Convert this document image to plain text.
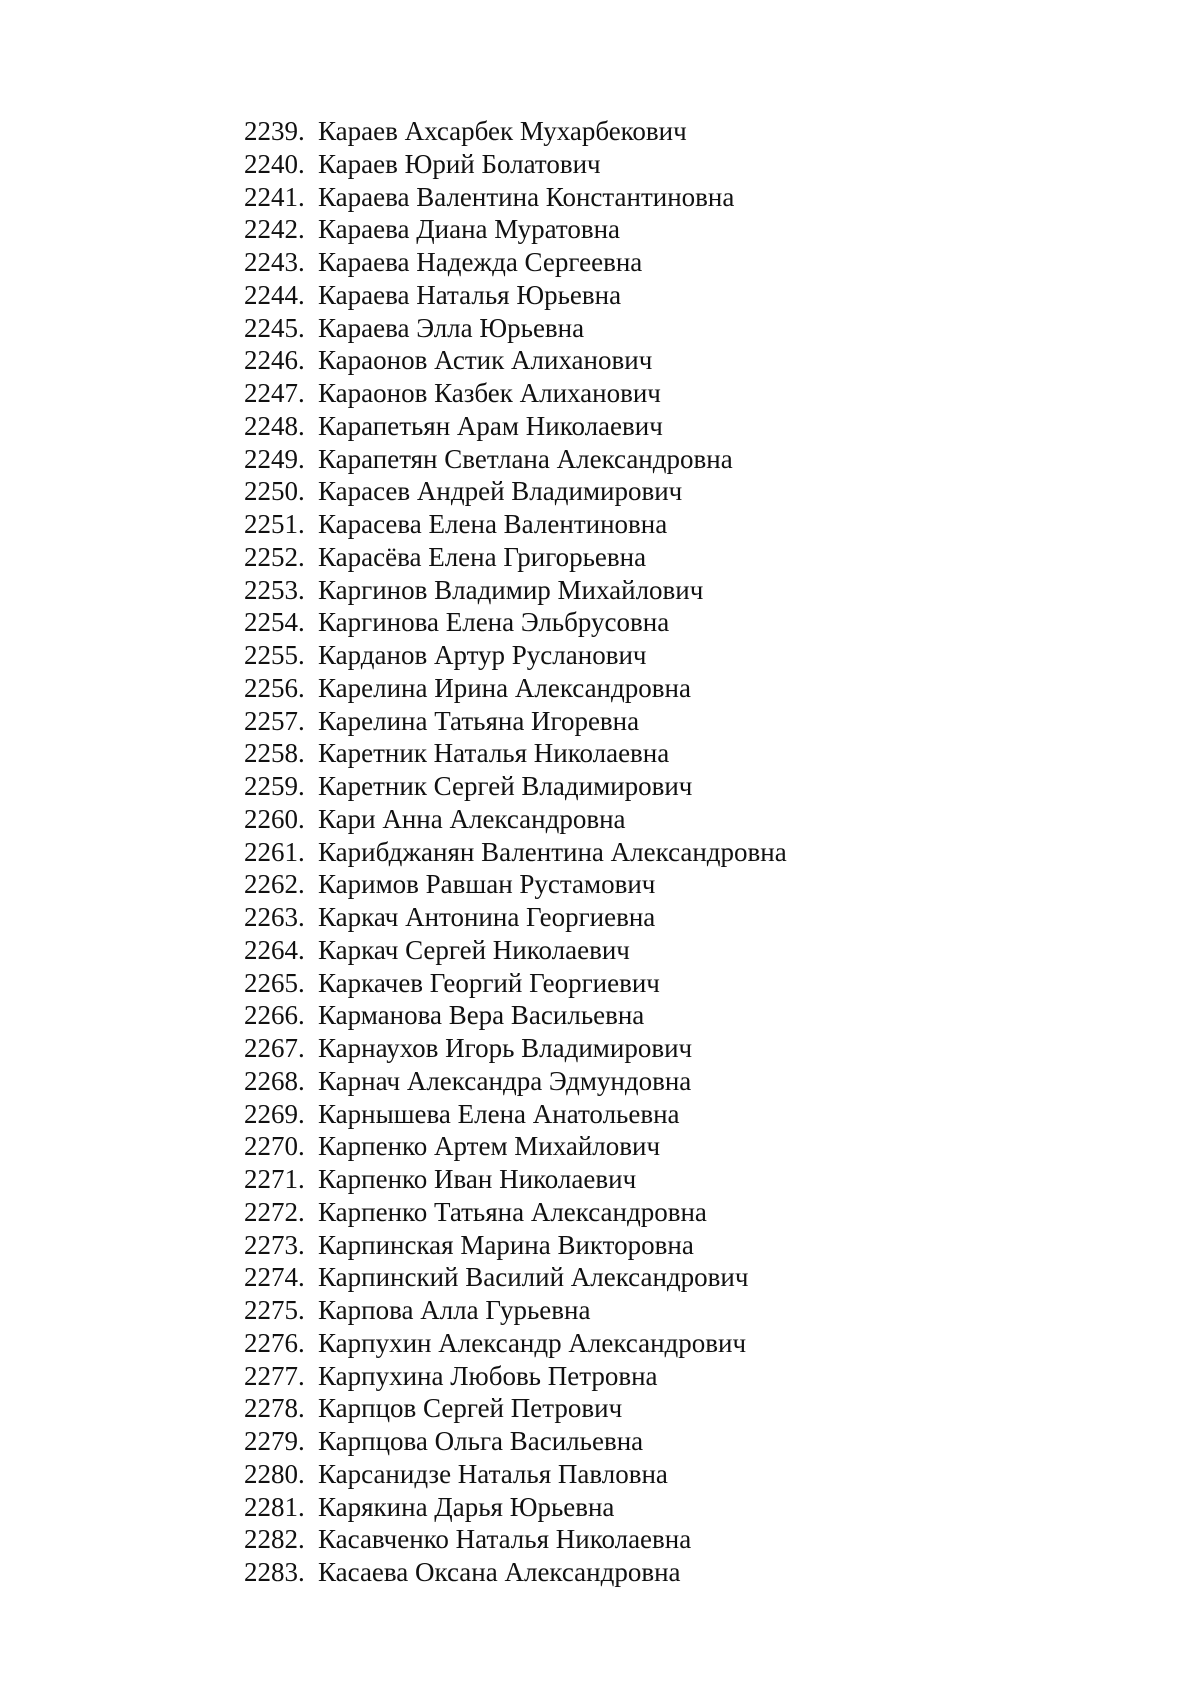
2239. Караев Ахсарбек Мухарбекович
2240. Караев Юрий Болатович
2241. Караева Валентина Константиновна
2242. Караева Диана Муратовна
2243. Караева Надежда Сергеевна
2244. Караева Наталья Юрьевна
2245. Караева Элла Юрьевна
2246. Караонов Астик Алиханович
2247. Караонов Казбек Алиханович
2248. Карапетьян Арам Николаевич
2249. Карапетян Светлана Александровна
2250. Карасев Андрей Владимирович
2251. Карасева Елена Валентиновна
2252. Карасёва Елена Григорьевна
2253. Каргинов Владимир Михайлович
2254. Каргинова Елена Эльбрусовна
2255. Карданов Артур Русланович
2256. Карелина Ирина Александровна
2257. Карелина Татьяна Игоревна
2258. Каретник Наталья Николаевна
2259. Каретник Сергей Владимирович
2260. Кари Анна Александровна
2261. Карибджанян Валентина Александровна
2262. Каримов Равшан Рустамович
2263. Каркач Антонина Георгиевна
2264. Каркач Сергей Николаевич
2265. Каркачев Георгий Георгиевич
2266. Карманова Вера Васильевна
2267. Карнаухов Игорь Владимирович
2268. Карнач Александра Эдмундовна
2269. Карнышева Елена Анатольевна
2270. Карпенко Артем Михайлович
2271. Карпенко Иван Николаевич
2272. Карпенко Татьяна Александровна
2273. Карпинская Марина Викторовна
2274. Карпинский Василий Александрович
2275. Карпова Алла Гурьевна
2276. Карпухин Александр Александрович
2277. Карпухина Любовь Петровна
2278. Карпцов Сергей Петрович
2279. Карпцова Ольга Васильевна
2280. Карсанидзе Наталья Павловна
2281. Карякина Дарья Юрьевна
2282. Касавченко Наталья Николаевна
2283. Касаева Оксана Александровна
